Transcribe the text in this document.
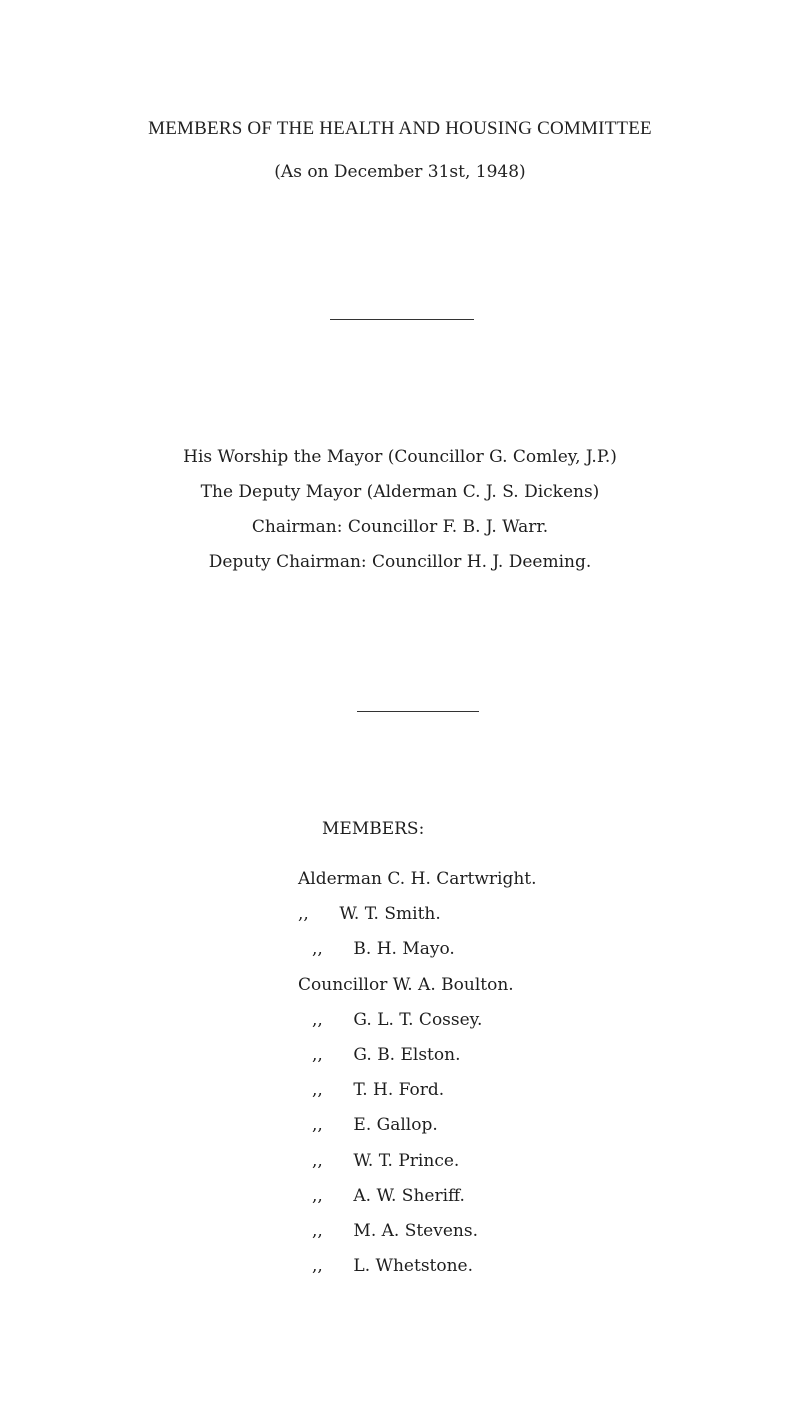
MEMBERS OF THE HEALTH AND HOUSING COMMITTEE
(As on December 31st, 1948)
His Worship the Mayor (Councillor G. Comley, J.P.)
The Deputy Mayor (Alderman C. J. S. Dickens)
Chairman: Councillor F. B. J. Warr.
Deputy Chairman: Councillor H. J. Deeming.
MEMBERS:
Alderman C. H. Cartwright.
,, W. T. Smith.
,, B. H. Mayo.
Councillor W. A. Boulton.
,, G. L. T. Cossey.
,, G. B. Elston.
,, T. H. Ford.
,, E. Gallop.
,, W. T. Prince.
,, A. W. Sheriff.
,, M. A. Stevens.
,, L. Whetstone.
